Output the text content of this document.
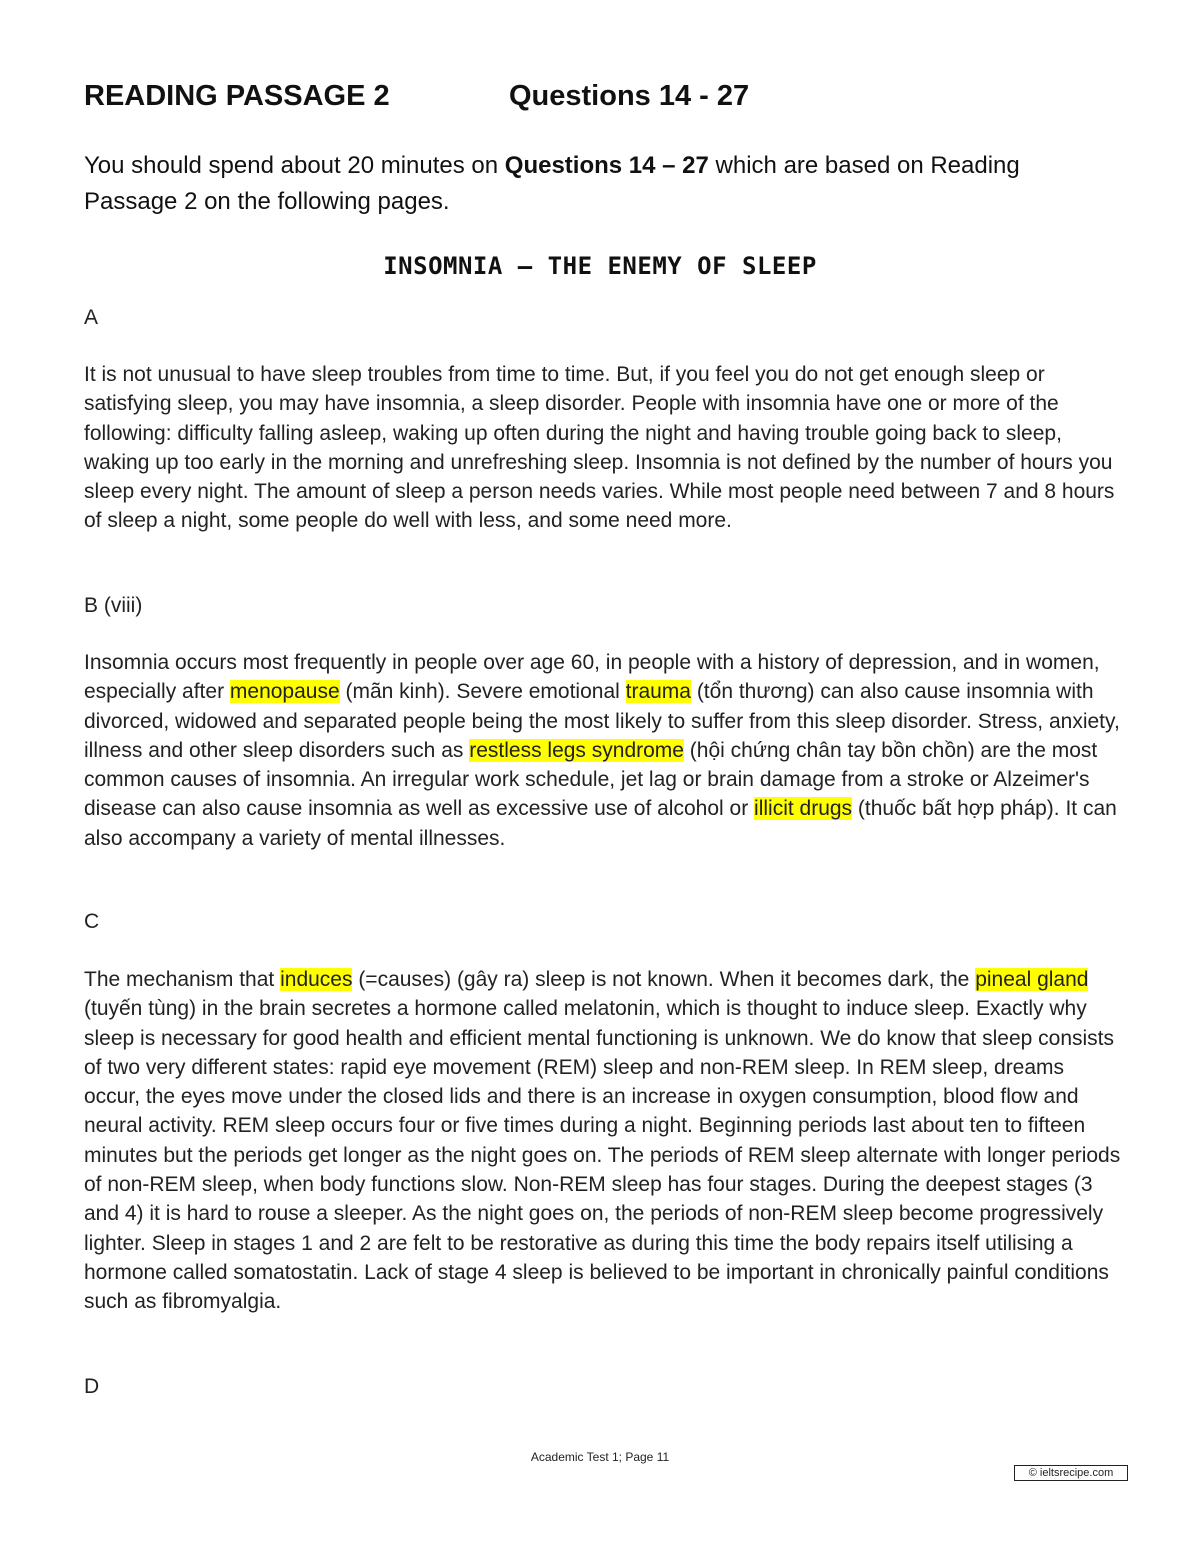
READING PASSAGE 2	Questions 14 - 27
You should spend about 20 minutes on Questions 14 – 27 which are based on Reading Passage 2 on the following pages.
INSOMNIA – THE ENEMY OF SLEEP
A
It is not unusual to have sleep troubles from time to time. But, if you feel you do not get enough sleep or satisfying sleep, you may have insomnia, a sleep disorder. People with insomnia have one or more of the following: difficulty falling asleep, waking up often during the night and having trouble going back to sleep, waking up too early in the morning and unrefreshing sleep. Insomnia is not defined by the number of hours you sleep every night. The amount of sleep a person needs varies. While most people need between 7 and 8 hours of sleep a night, some people do well with less, and some need more.
B (viii)
Insomnia occurs most frequently in people over age 60, in people with a history of depression, and in women, especially after menopause (mãn kinh). Severe emotional trauma (tổn thương) can also cause insomnia with divorced, widowed and separated people being the most likely to suffer from this sleep disorder. Stress, anxiety, illness and other sleep disorders such as restless legs syndrome (hội chứng chân tay bồn chồn) are the most common causes of insomnia. An irregular work schedule, jet lag or brain damage from a stroke or Alzeimer's disease can also cause insomnia as well as excessive use of alcohol or illicit drugs (thuốc bất hợp pháp). It can also accompany a variety of mental illnesses.
C
The mechanism that induces (=causes) (gây ra) sleep is not known. When it becomes dark, the pineal gland (tuyến tùng) in the brain secretes a hormone called melatonin, which is thought to induce sleep. Exactly why sleep is necessary for good health and efficient mental functioning is unknown. We do know that sleep consists of two very different states: rapid eye movement (REM) sleep and non-REM sleep. In REM sleep, dreams occur, the eyes move under the closed lids and there is an increase in oxygen consumption, blood flow and neural activity. REM sleep occurs four or five times during a night. Beginning periods last about ten to fifteen minutes but the periods get longer as the night goes on. The periods of REM sleep alternate with longer periods of non-REM sleep, when body functions slow. Non-REM sleep has four stages. During the deepest stages (3 and 4) it is hard to rouse a sleeper. As the night goes on, the periods of non-REM sleep become progressively lighter. Sleep in stages 1 and 2 are felt to be restorative as during this time the body repairs itself utilising a hormone called somatostatin. Lack of stage 4 sleep is believed to be important in chronically painful conditions such as fibromyalgia.
D
Academic Test 1; Page 11
© ieltsrecipe.com
